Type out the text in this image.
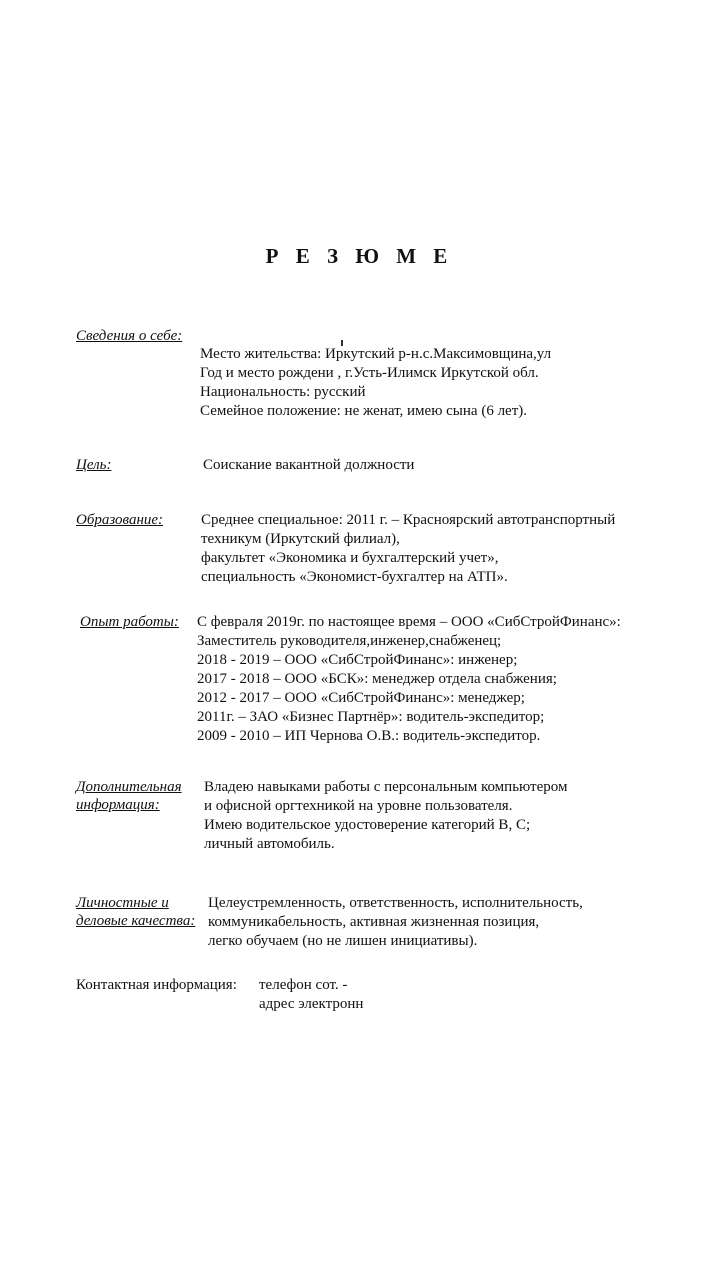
Р Е З Ю М Е
Сведения о себе:
Место жительства: Иркутский р-н.с.Максимовщина,ул
Год и место рождени , г.Усть-Илимск Иркутской обл.
Национальность: русский
Семейное положение: не женат, имею сына (6 лет).
Цель:	Соискание вакантной должности
Образование:	Среднее специальное: 2011 г. – Красноярский автотранспортный
техникум (Иркутский филиал),
факультет «Экономика и бухгалтерский учет»,
специальность «Экономист-бухгалтер на АТП».
Опыт работы: С февраля 2019г. по настоящее время – ООО «СибСтройФинанс»:
Заместитель руководителя,инженер,снабженец;
2018 - 2019 – ООО «СибСтройФинанс»: инженер;
2017 - 2018 – ООО «БСК»: менеджер отдела снабжения;
2012 - 2017 – ООО «СибСтройФинанс»: менеджер;
2011г. – ЗАО «Бизнес Партнёр»: водитель-экспедитор;
2009 - 2010 – ИП Чернова О.В.: водитель-экспедитор.
Дополнительная
информация:
Владею навыками работы с персональным компьютером
и офисной оргтехникой на уровне пользователя.
Имею водительское удостоверение категорий В, С;
личный автомобиль.
Личностные и
деловые качества:
Целеустремленность, ответственность, исполнительность,
коммуникабельность, активная жизненная позиция,
легко обучаем (но не лишен инициативы).
Контактная информация: телефон сот. -
адрес электронн
